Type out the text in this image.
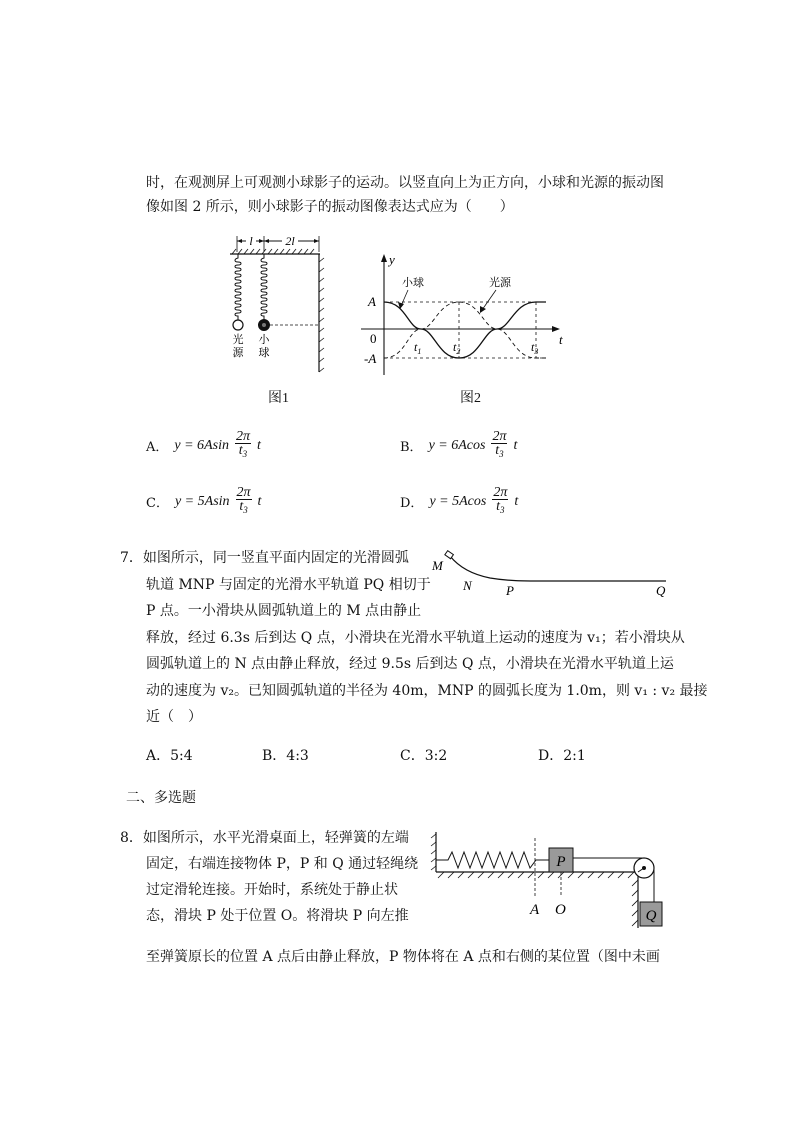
时，在观测屏上可观测小球影子的运动。以竖直向上为正方向，小球和光源的振动图
像如图 2 所示，则小球影子的振动图像表达式应为（　　）
l	2l
光
源
小
球
图1
y
t
A
-A
0
$t_1$	$t_2$	$t_3$
小球	光源
图2
A． $y = 6Asin \frac{2\pi}{t_3}$ t	B． $y = 6Acos \frac{2\pi}{t_3}$ t
C． $y = 5Asin \frac{2\pi}{t_3}$ t	D． $y = 5Acos \frac{2\pi}{t_3}$ t
7．如图所示，同一竖直平面内固定的光滑圆弧
轨道 MNP 与固定的光滑水平轨道 PQ 相切于
P 点。一小滑块从圆弧轨道上的 M 点由静止
释放，经过 6.3s 后到达 Q 点，小滑块在光滑水平轨道上运动的速度为 v₁；若小滑块从
圆弧轨道上的 N 点由静止释放，经过 9.5s 后到达 Q 点，小滑块在光滑水平轨道上运
动的速度为 v₂。已知圆弧轨道的半径为 40m，MNP 的圆弧长度为 1.0m，则 v₁ : v₂ 最接
近（　）
M
N	P	Q
A．5:4	B．4:3	C．3:2	D．2:1
二、多选题
8．如图所示，水平光滑桌面上，轻弹簧的左端
固定，右端连接物体 P，P 和 Q 通过轻绳绕
过定滑轮连接。开始时，系统处于静止状
态，滑块 P 处于位置 O。将滑块 P 向左推
至弹簧原长的位置 A 点后由静止释放，P 物体将在 A 点和右侧的某位置（图中未画
P
Q
A O
